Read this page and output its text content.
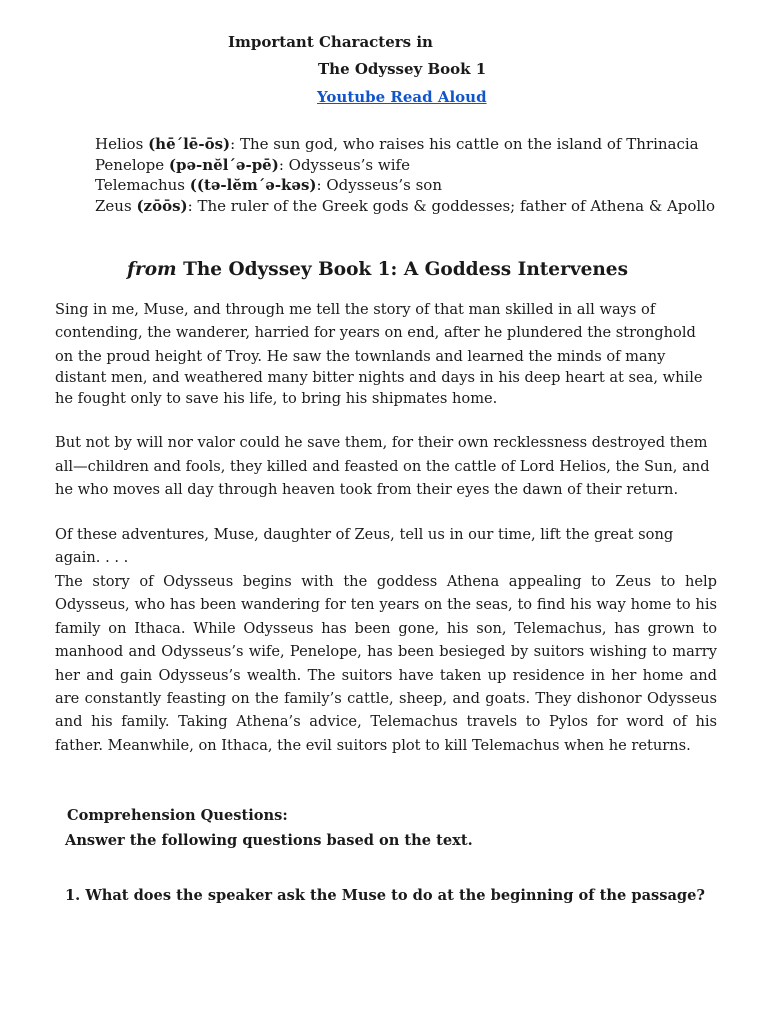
Important Characters in
The Odyssey Book 1
Youtube Read Aloud
Helios (hē΄lē-ōs): The sun god, who raises his cattle on the island of Thrinacia
Penelope (pə-nĕl΄ə-pē): Odysseus’s wife
Telemachus ((tə-lĕm΄ə-kəs): Odysseus’s son
Zeus (zōōs): The ruler of the Greek gods & goddesses; father of Athena & Apollo
from The Odyssey Book 1: A Goddess Intervenes
Sing in me, Muse, and through me tell the story of that man skilled in all ways of contending, the wanderer, harried for years on end, after he plundered the stronghold
on the proud height of Troy. He saw the townlands and learned the minds of many distant men, and weathered many bitter nights and days in his deep heart at sea, while he fought only to save his life, to bring his shipmates home.
But not by will nor valor could he save them, for their own recklessness destroyed them all—children and fools, they killed and feasted on the cattle of Lord Helios, the Sun, and he who moves all day through heaven took from their eyes the dawn of their return.
Of these adventures, Muse, daughter of Zeus, tell us in our time, lift the great song again. . . .
The story of Odysseus begins with the goddess Athena appealing to Zeus to help Odysseus, who has been wandering for ten years on the seas, to find his way home to his family on Ithaca. While Odysseus has been gone, his son, Telemachus, has grown to manhood and Odysseus’s wife, Penelope, has been besieged by suitors wishing to marry her and gain Odysseus’s wealth. The suitors have taken up residence in her home and are constantly feasting on the family’s cattle, sheep, and goats. They dishonor Odysseus and his family. Taking Athena’s advice, Telemachus travels to Pylos for word of his father. Meanwhile, on Ithaca, the evil suitors plot to kill Telemachus when he returns.
Comprehension Questions:
Answer the following questions based on the text.
1. What does the speaker ask the Muse to do at the beginning of the passage?
